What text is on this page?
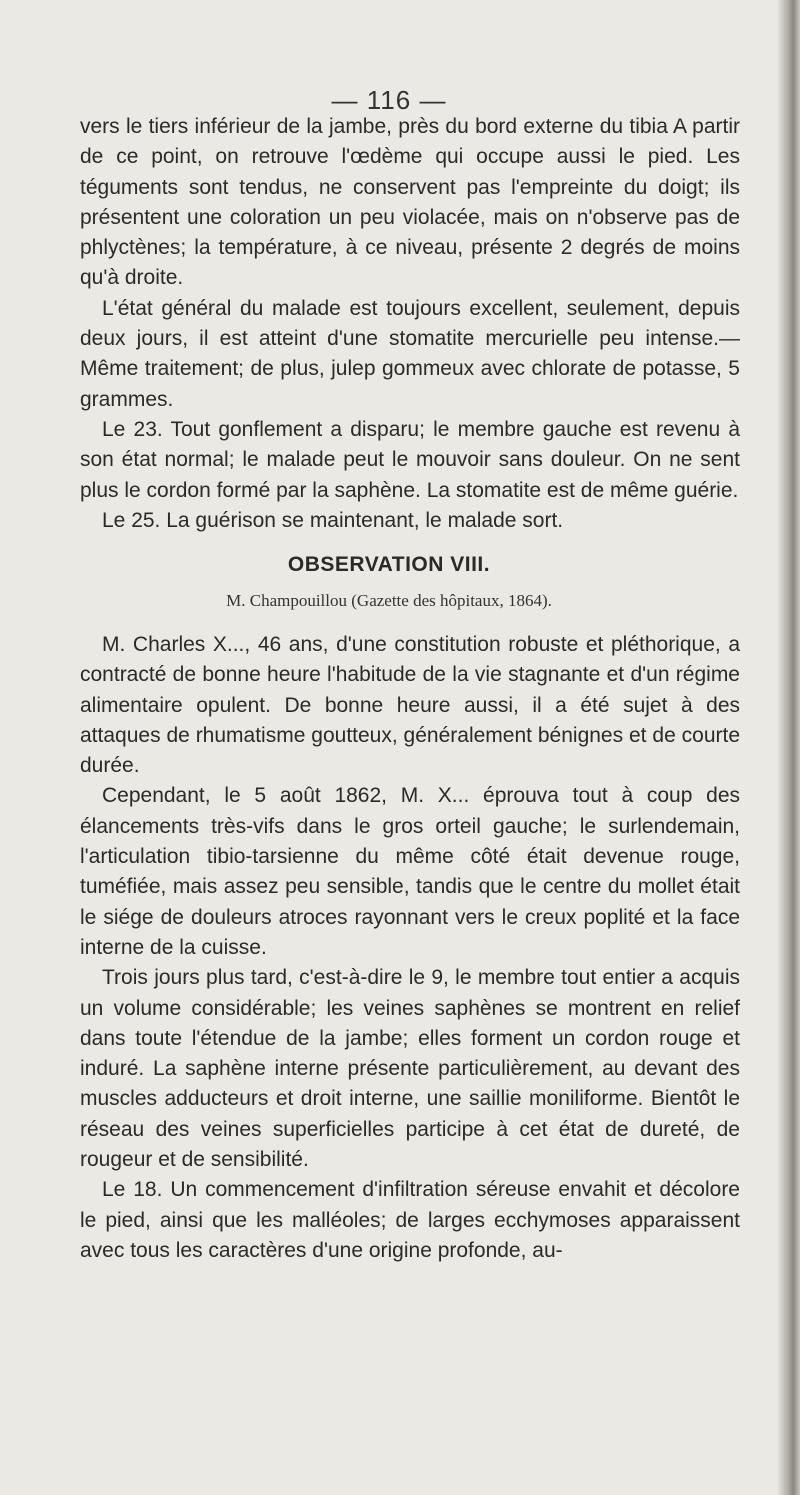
— 116 —

vers le tiers inférieur de la jambe, près du bord externe du tibia A partir de ce point, on retrouve l'œdème qui occupe aussi le pied. Les téguments sont tendus, ne conservent pas l'empreinte du doigt; ils présentent une coloration un peu violacée, mais on n'observe pas de phlyctènes; la température, à ce niveau, présente 2 degrés de moins qu'à droite.

L'état général du malade est toujours excellent, seulement, depuis deux jours, il est atteint d'une stomatite mercurielle peu intense.—Même traitement; de plus, julep gommeux avec chlorate de potasse, 5 grammes.

Le 23. Tout gonflement a disparu; le membre gauche est revenu à son état normal; le malade peut le mouvoir sans douleur. On ne sent plus le cordon formé par la saphène. La stomatite est de même guérie.

Le 25. La guérison se maintenant, le malade sort.

OBSERVATION VIII.
M. Champouillou (Gazette des hôpitaux, 1864).

M. Charles X..., 46 ans, d'une constitution robuste et pléthorique, a contracté de bonne heure l'habitude de la vie stagnante et d'un régime alimentaire opulent. De bonne heure aussi, il a été sujet à des attaques de rhumatisme goutteux, généralement bénignes et de courte durée.

Cependant, le 5 août 1862, M. X... éprouva tout à coup des élancements très-vifs dans le gros orteil gauche; le surlendemain, l'articulation tibio-tarsienne du même côté était devenue rouge, tuméfiée, mais assez peu sensible, tandis que le centre du mollet était le siége de douleurs atroces rayonnant vers le creux poplité et la face interne de la cuisse.

Trois jours plus tard, c'est-à-dire le 9, le membre tout entier a acquis un volume considérable; les veines saphènes se montrent en relief dans toute l'étendue de la jambe; elles forment un cordon rouge et induré. La saphène interne présente particulièrement, au devant des muscles adducteurs et droit interne, une saillie moniliforme. Bientôt le réseau des veines superficielles participe à cet état de dureté, de rougeur et de sensibilité.

Le 18. Un commencement d'infiltration séreuse envahit et décolore le pied, ainsi que les malléoles; de larges ecchymoses apparaissent avec tous les caractères d'une origine profonde, au-
